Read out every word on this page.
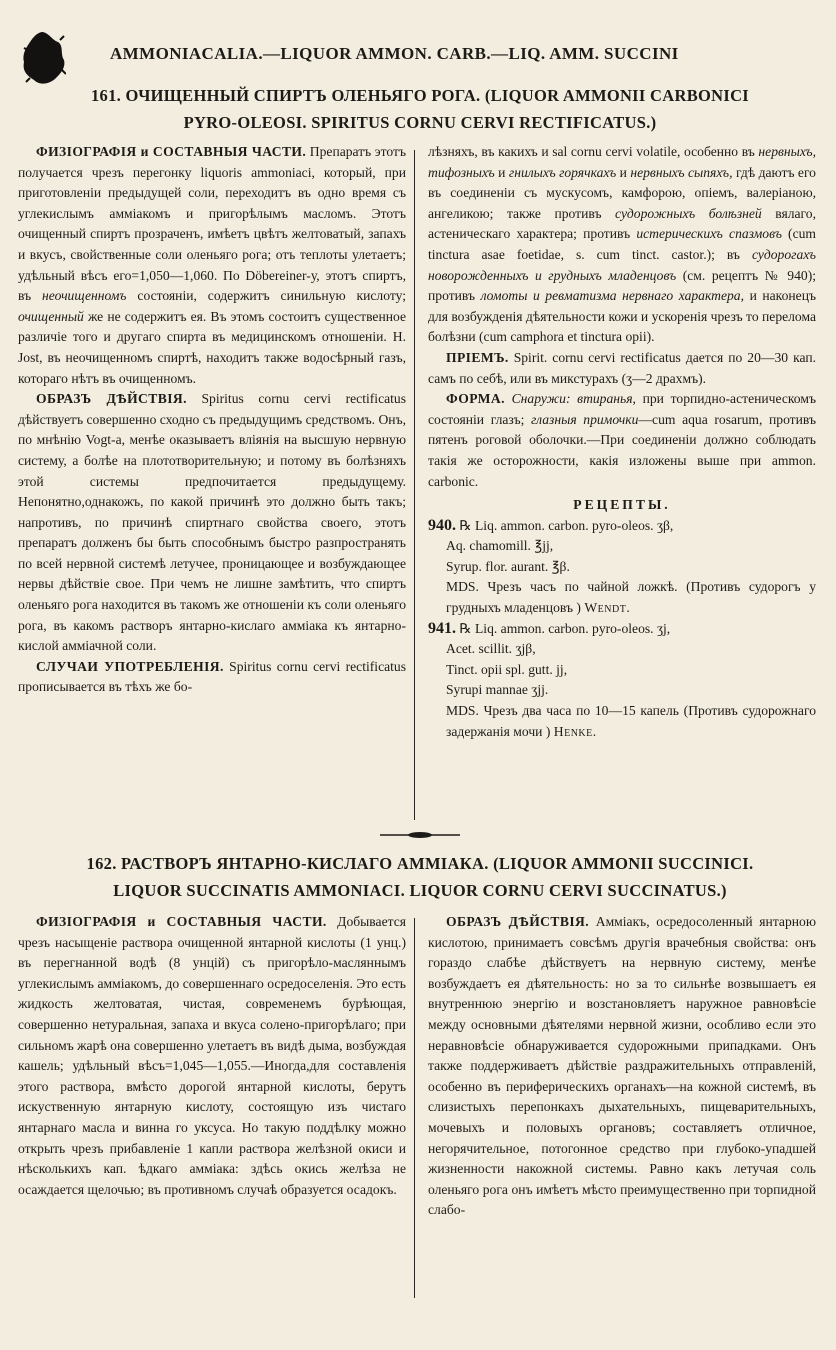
AMMONIACALIA.—LIQUOR AMMON. CARB.—LIQ. AMM. SUCCINI
161. ОЧИЩЕННЫЙ СПИРТЪ ОЛЕНЬЯГО РОГА. (LIQUOR AMMONII CARBONICI
PYRO-OLEOSI. SPIRITUS CORNU CERVI RECTIFICATUS.)

ФИЗІОГРАФІЯ и СОСТАВНЫЯ ЧАСТИ. Препаратъ этотъ получается чрезъ перегонку liquoris ammoniaci, который, при приготовленіи предыдущей соли, переходитъ въ одно время съ углекислымъ аммiакомъ и пригорѣлымъ масломъ. Этотъ очищенный спиртъ прозраченъ, имѣетъ цвѣтъ желтоватый, запахъ и вкусъ, свойственные соли оленьяго рога; отъ теплоты улетаетъ; удѣльный вѣсъ его=1,050—1,060. По Döbereiner-у, этотъ спиртъ, въ неочищенномъ состояніи, содержитъ синильную кислоту; очищенный же не содержитъ ея. Въ этомъ состоитъ существенное различіе того и другаго спирта въ медицинскомъ отношеніи. H. Jost, въ неочищенномъ спиртѣ, находитъ также водосѣрный газъ, котораго нѣтъ въ очищенномъ.

ОБРАЗЪ ДѢЙСТВІЯ. Spiritus cornu cervi rectificatus дѣйствуетъ совершенно сходно съ предыдущимъ средствомъ. Онъ, по мнѣнію Vogt-а, менѣе оказываетъ вліянія на высшую нервную систему, а болѣе на плототворительную; и потому въ болѣзняхъ этой системы предпочитается предыдущему. Непонятно,однакожъ, по какой причинѣ это должно быть такъ; напротивъ, по причинѣ спиртнаго свойства своего, этотъ препаратъ долженъ бы быть способнымъ быстро разпространять по всей нервной системѣ летучее, проницающее и возбуждающее нервы дѣйствіе свое. При чемъ не лишне замѣтить, что спиртъ оленьяго рога находится въ такомъ же отношеніи къ соли оленьяго рога, въ какомъ растворъ янтарно-кислаго аммiака къ янтарно-кислой аммiачной соли.

СЛУЧАИ УПОТРЕБЛЕНІЯ. Spiritus cornu cervi rectificatus прописывается въ тѣхъ же бо-

лѣзняхъ, въ какихъ и sal cornu cervi volatile, особенно въ нервныхъ, тифозныхъ и гнилыхъ горячкахъ и нервныхъ сыпяхъ, гдѣ даютъ его въ соединеніи съ мускусомъ, камфорою, опіемъ, валеріаною, ангеликою; также противъ судорожныхъ болѣзней вялаго, астеническаго характера; противъ истерическихъ спазмовъ (cum tinctura asae foetidae, s. cum tinct. castor.); въ судорогахъ новорожденныхъ и грудныхъ младенцовъ (см. рецептъ № 940); противъ ломоты и ревматизма нервнаго характера, и наконецъ для возбужденія дѣятельности кожи и ускоренія чрезъ то перелома болѣзни (cum camphora et tinctura opii).

ПРІЕМЪ. Spirit. cornu cervi rectificatus дается по 20—30 кап. самъ по себѣ, или въ микстурахъ (ʒ—2 драхмъ).

ФОРМА. Снаружи: втиранья, при торпидно-астеническомъ состояніи глазъ; глазныя примочки—cum aqua rosarum, противъ пятенъ роговой оболочки.—При соединеніи должно соблюдать такія же осторожности, какія изложены выше при ammon. carbonic.

РЕЦЕПТЫ.

940. ℞ Liq. ammon. carbon. pyro-oleos. ʒβ,

Aq. chamomill. ℥jj,

Syrup. flor. aurant. ℥β.

MDS. Чрезъ часъ по чайной ложкѣ. (Противъ судорогъ у грудныхъ младенцовъ ) Wendt.

941. ℞ Liq. ammon. carbon. pyro-oleos. ʒj,

Acet. scillit. ʒjβ,

Tinct. opii spl. gutt. jj,

Syrupi mannae ʒjj.

MDS. Чрезъ два часа по 10—15 капель (Противъ судорожнаго задержанія мочи ) Henke.

162. РАСТВОРЪ ЯНТАРНО-КИСЛАГО АММIАКА. (LIQUOR AMMONII SUCCINICI.
LIQUOR SUCCINATIS AMMONIACI. LIQUOR CORNU CERVI SUCCINATUS.)

ФИЗІОГРАФІЯ и СОСТАВНЫЯ ЧАСТИ. Добывается чрезъ насыщеніе раствора очищенной янтарной кислоты (1 унц.) въ перегнанной водѣ (8 унцій) съ пригорѣло-масляннымъ углекислымъ аммiакомъ, до совершеннаго осредоселенія. Это есть жидкость желтоватая, чистая, современемъ бурѣющая, совершенно нетуральная, запаха и вкуса солено-пригорѣлаго; при сильномъ жарѣ она совершенно улетаетъ въ видѣ дыма, возбуждая кашель; удѣльный вѣсъ=1,045—1,055.—Иногда,для составленія этого раствора, вмѣсто дорогой янтарной кислоты, берутъ искуственную янтарную кислоту, состоящую изъ чистаго янтарнаго масла и винна го уксуса. Но такую поддѣлку можно открыть чрезъ прибавленіе 1 капли раствора желѣзной окиси и нѣсколькихъ кап. ѣдкаго аммiака: здѣсь окись желѣза не осаждается щелочью; въ противномъ случаѣ образуется осадокъ.

ОБРАЗЪ ДѢЙСТВІЯ. Аммiакъ, осредосоленный янтарною кислотою, принимаетъ совсѣмъ другія врачебныя свойства: онъ гораздо слабѣе дѣйствуетъ на нервную систему, менѣе возбуждаетъ ея дѣятельность: но за то сильнѣе возвышаетъ ея внутреннюю энергію и возстановляетъ наружное равновѣсіе между основными дѣятелями нервной жизни, особливо если это неравновѣсіе обнаруживается судорожными припадками. Онъ также поддерживаетъ дѣйствіе раздражительныхъ отправленій, особенно въ периферическихъ органахъ—на кожной системѣ, въ слизистыхъ перепонкахъ дыхательныхъ, пищеварительныхъ, мочевыхъ и половыхъ органовъ; составляетъ отличное, негорячительное, потогонное средство при глубоко-упадшей жизненности накожной системы. Равно какъ летучая соль оленьяго рога онъ имѣетъ мѣсто преимущественно при торпидной слабо-
